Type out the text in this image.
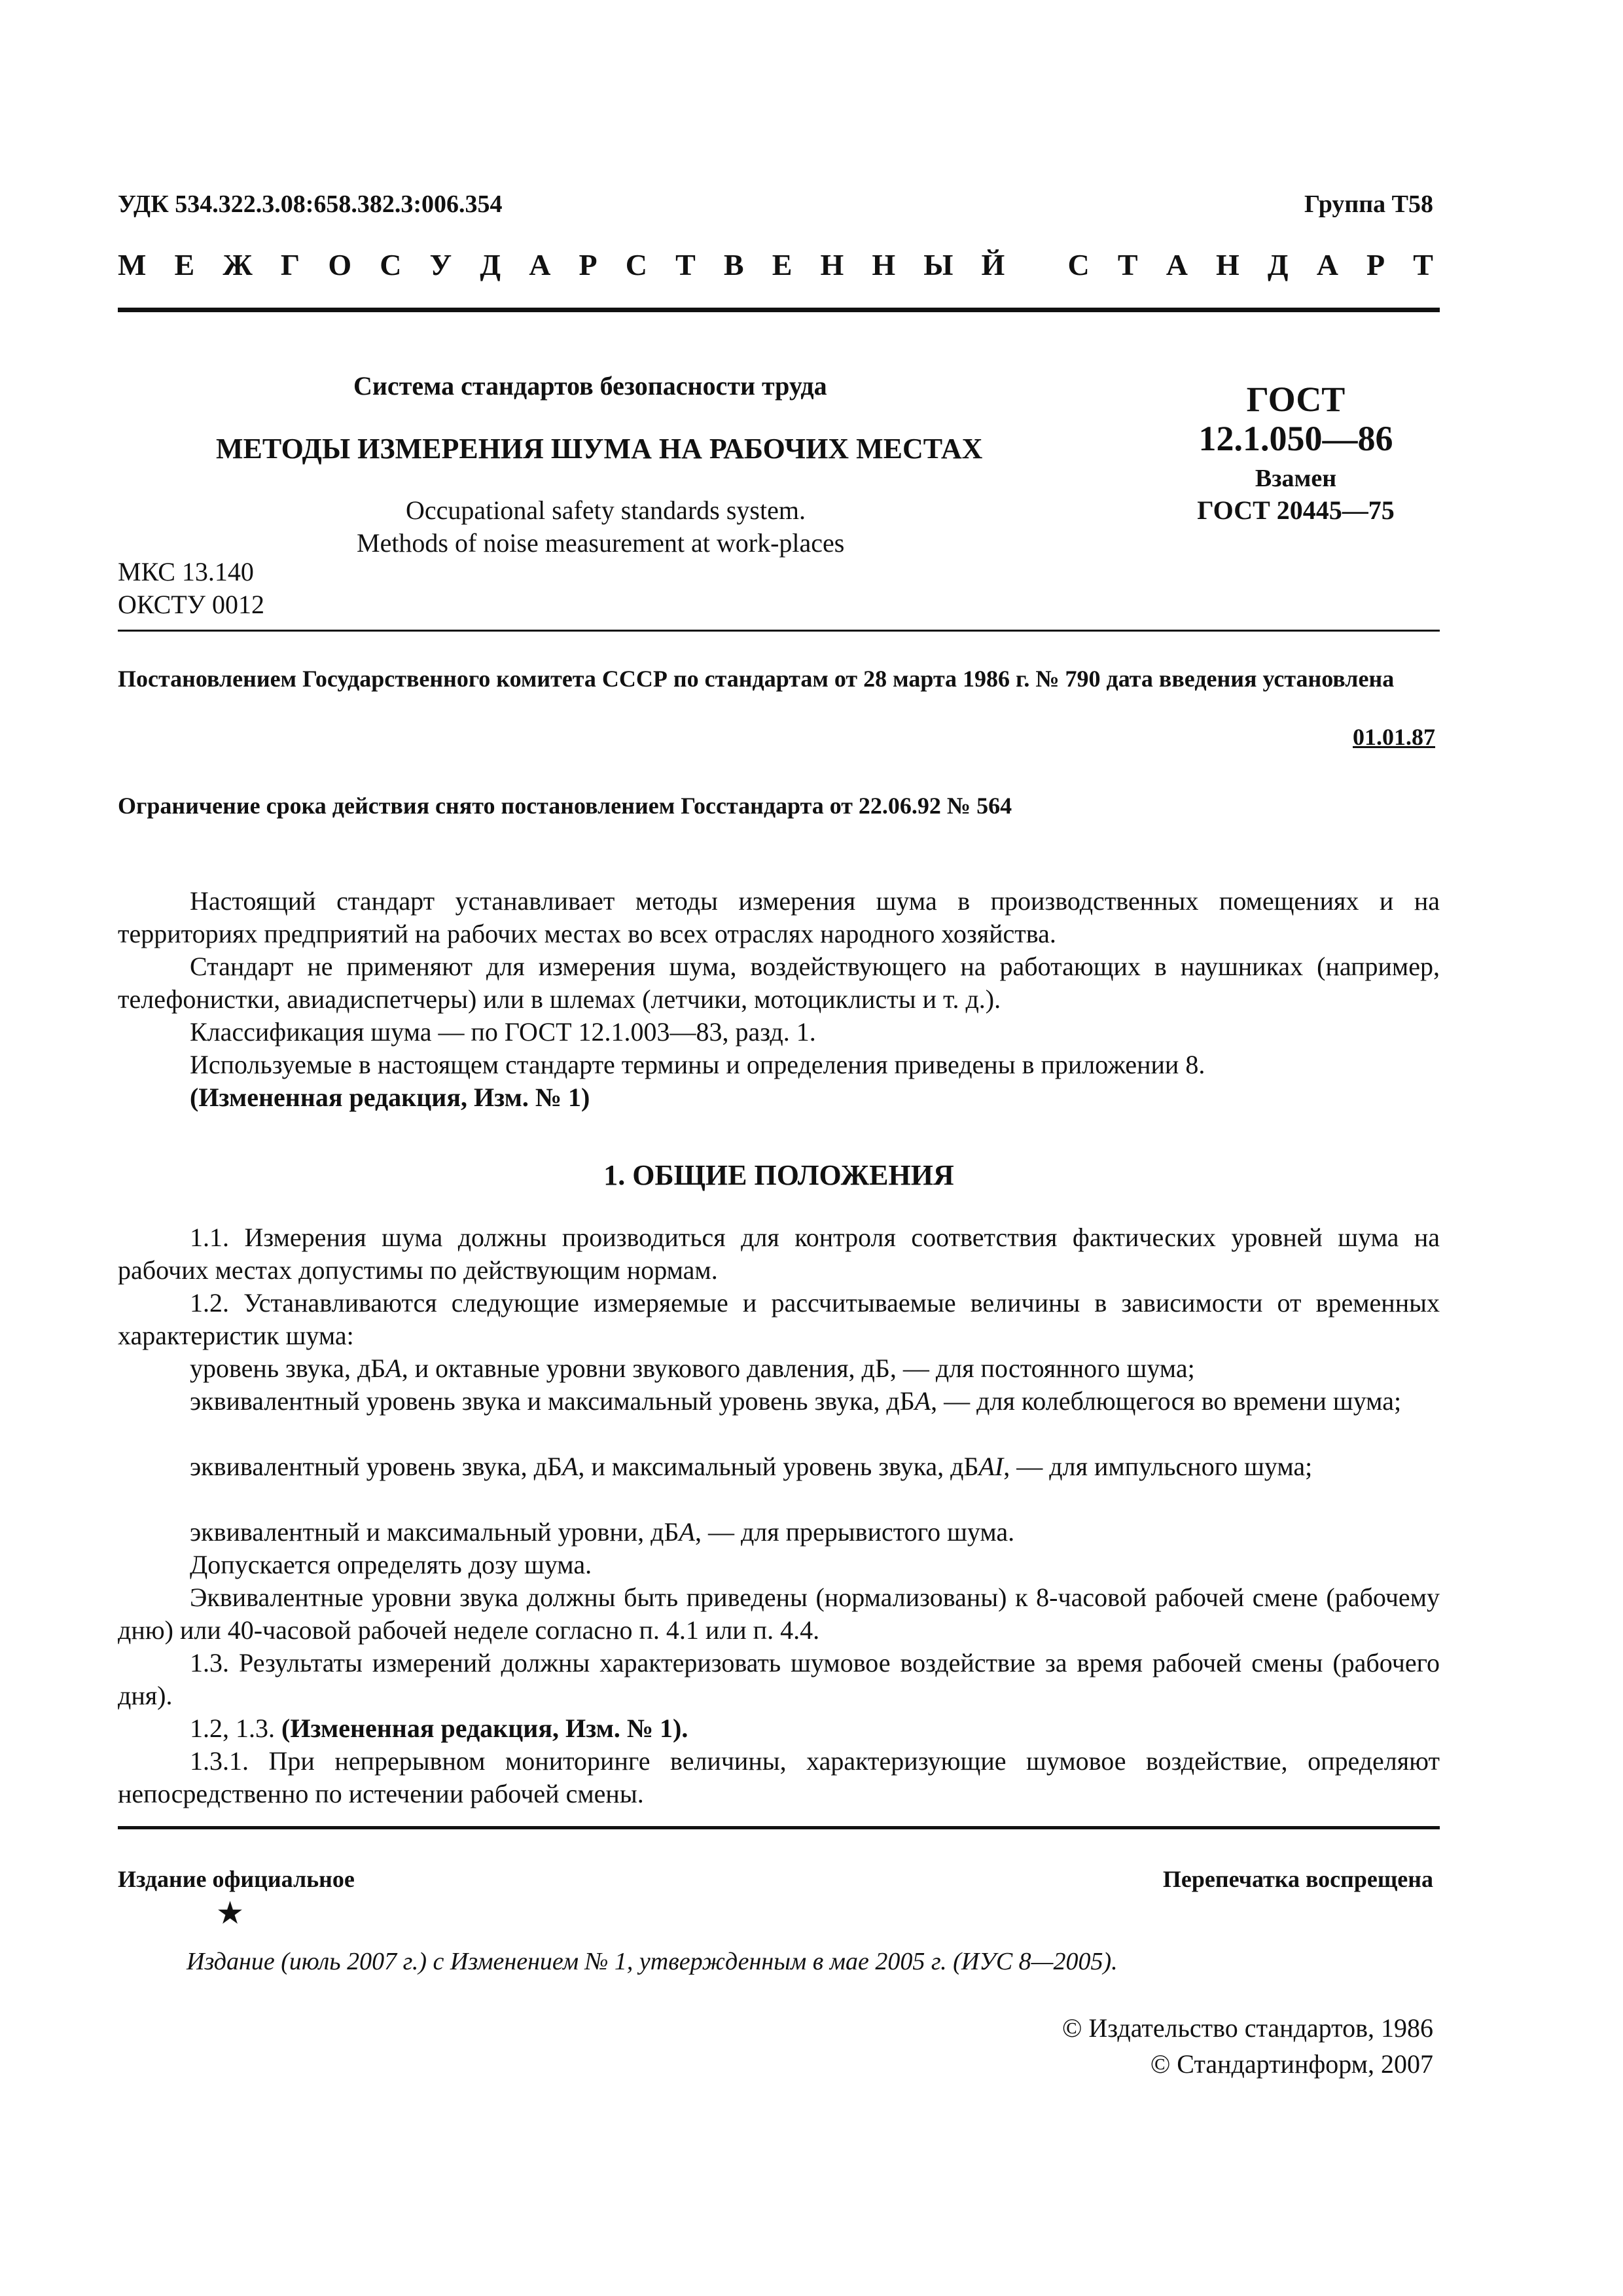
УДК 534.322.3.08:658.382.3:006.354	Группа Т58
М Е Ж Г О С У Д А Р С Т В Е Н Н Ы Й С Т А Н Д А Р Т
Система стандартов безопасности труда
МЕТОДЫ ИЗМЕРЕНИЯ ШУМА НА РАБОЧИХ МЕСТАХ
Occupational safety standards system.
Methods of noise measurement at work-places
МКС 13.140
ОКСТУ 0012
ГОСТ
12.1.050—86
Взамен
ГОСТ 20445—75
Постановлением Государственного комитета СССР по стандартам от 28 марта 1986 г. № 790 дата введения установлена
01.01.87
Ограничение срока действия снято постановлением Госстандарта от 22.06.92 № 564

Настоящий стандарт устанавливает методы измерения шума в производственных помещениях и на территориях предприятий на рабочих местах во всех отраслях народного хозяйства.

Стандарт не применяют для измерения шума, воздействующего на работающих в наушниках (например, телефонистки, авиадиспетчеры) или в шлемах (летчики, мотоциклисты и т. д.).

Классификация шума — по ГОСТ 12.1.003—83, разд. 1.
Используемые в настоящем стандарте термины и определения приведены в приложении 8.
(Измененная редакция, Изм. № 1)
1. ОБЩИЕ ПОЛОЖЕНИЯ

1.1. Измерения шума должны производиться для контроля соответствия фактических уровней шума на рабочих местах допустимы по действующим нормам.

1.2. Устанавливаются следующие измеряемые и рассчитываемые величины в зависимости от временных характеристик шума:

уровень звука, дБА, и октавные уровни звукового давления, дБ, — для постоянного шума;

эквивалентный уровень звука и максимальный уровень звука, дБА, — для колеблющегося во времени шума;

эквивалентный уровень звука, дБА, и максимальный уровень звука, дБAI, — для импульсного шума;

эквивалентный и максимальный уровни, дБА, — для прерывистого шума.
Допускается определять дозу шума.

Эквивалентные уровни звука должны быть приведены (нормализованы) к 8-часовой рабочей смене (рабочему дню) или 40-часовой рабочей неделе согласно п. 4.1 или п. 4.4.

1.3. Результаты измерений должны характеризовать шумовое воздействие за время рабочей смены (рабочего дня).

1.2, 1.3. (Измененная редакция, Изм. № 1).

1.3.1. При непрерывном мониторинге величины, характеризующие шумовое воздействие, определяют непосредственно по истечении рабочей смены.

Издание официальное	Перепечатка воспрещена
★
Издание (июль 2007 г.) с Изменением № 1, утвержденным в мае 2005 г. (ИУС 8—2005).
© Издательство стандартов, 1986
© Стандартинформ, 2007
